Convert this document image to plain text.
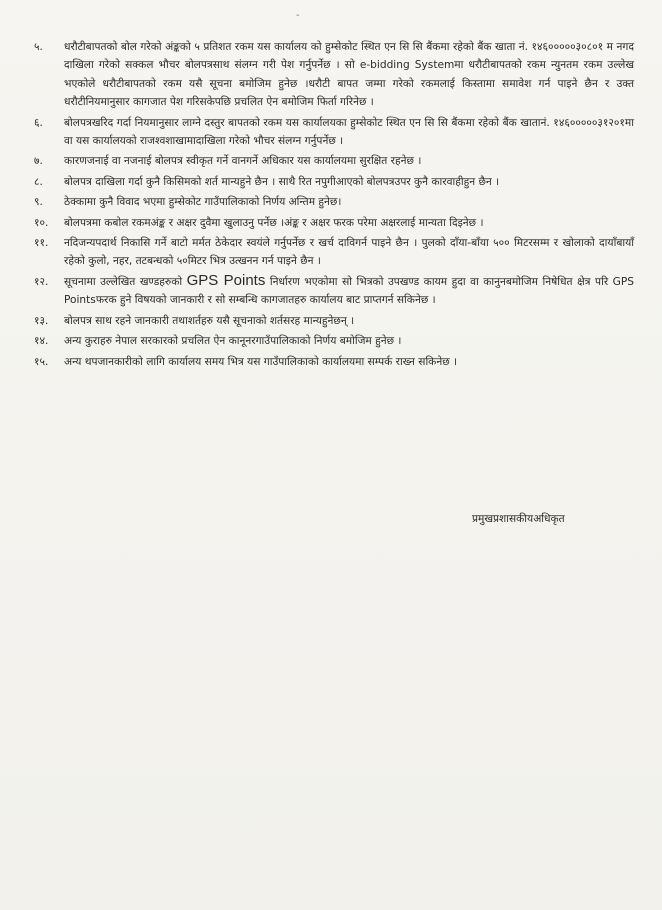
-
५.	धरौटीबापतको बोल गरेको अंङ्कको ५ प्रतिशत रकम यस कार्यालय को हुम्सेकोट स्थित एन सि सि बैंकमा रहेको बैंक खाता नं. १४६०००००३०८०१ म नगद दाखिला गरेको सक्कल भौचर बोलपत्रसाथ संलग्न गरी पेश गर्नुपर्नेछ । सो e-bidding Systemमा धरौटीबापतको रकम न्युनतम रकम उल्लेख भएकोले धरौटीबापतको रकम यसै सूचना बमोजिम हुनेछ ।धरौटी बापत जम्मा गरेको रकमलाई किस्तामा समावेश गर्न पाइने छैन र उक्त धरौटीनियमानुसार कागजात पेश गरिसकेपछि प्रचलित ऐन बमोजिम फिर्ता गरिनेछ ।
६.	बोलपत्रखरिद गर्दा नियमानुसार लाग्ने दस्तुर बापतको रकम यस कार्यालयका हुम्सेकोट स्थित एन सि सि बैंकमा रहेको बैंक खातानं. १४६०००००३१२०१मा वा यस कार्यालयको राजश्वशाखामादाखिला गरेको भौचर संलग्न गर्नुपर्नेछ ।
७.	कारणजनाई वा नजनाई बोलपत्र स्वीकृत गर्ने वानगर्ने अधिकार यस कार्यालयमा सुरक्षित रहनेछ ।
८.	बोलपत्र दाखिला गर्दा कुनै किसिमको शर्त मान्यहुने छैन । साथै रित नपुगीआएको बोलपत्रउपर कुनै कारवाहीहुन छैन ।
९.	ठेक्कामा कुनै विवाद भएमा हुम्सेकोट गाउँपालिकाको निर्णय अन्तिम हुनेछ।
१०.	बोलपत्रमा कबोल रकमअंङ्क र अक्षर दुवैमा खुलाउनु पर्नेछ ।अंङ्क र अक्षर फरक परेमा अक्षरलाई मान्यता दिइनेछ ।
११.	नदिजन्यपदार्थ निकासि गर्ने बाटो मर्मत ठेकेदार स्वयंले गर्नुपर्नेछ र खर्च दाविगर्न पाइने छैन । पुलको दाँया-बाँया ५०० मिटरसम्म र खोलाको दायाँबायाँ रहेको कुलो, नहर, तटबन्धको ५०मिटर भित्र उत्खनन गर्न पाइने छैन ।
१२.	सूचनामा उल्लेखित खण्डहरुको GPS Points निर्धारण भएकोमा सो भित्रको उपखण्ड कायम हुदा वा कानुनबमोजिम निषेधित क्षेत्र परि GPS Pointsफरक हुने विषयको जानकारी र सो सम्बन्धि कागजातहरु कार्यालय बाट प्राप्तगर्न सकिनेछ ।
१३.	बोलपत्र साथ रहने जानकारी तथाशर्तहरु यसै सूचनाको शर्तसरह मान्यहुनेछन् ।
१४.	अन्य कुराहरु नेपाल सरकारको प्रचलित ऐन कानूनरगाउँपालिकाको निर्णय बमोजिम हुनेछ ।
१५.	अन्य थपजानकारीको लागि कार्यालय समय भित्र यस गाउँपालिकाको कार्यालयमा सम्पर्क राख्न सकिनेछ ।
प्रमुखप्रशासकीयअधिकृत
